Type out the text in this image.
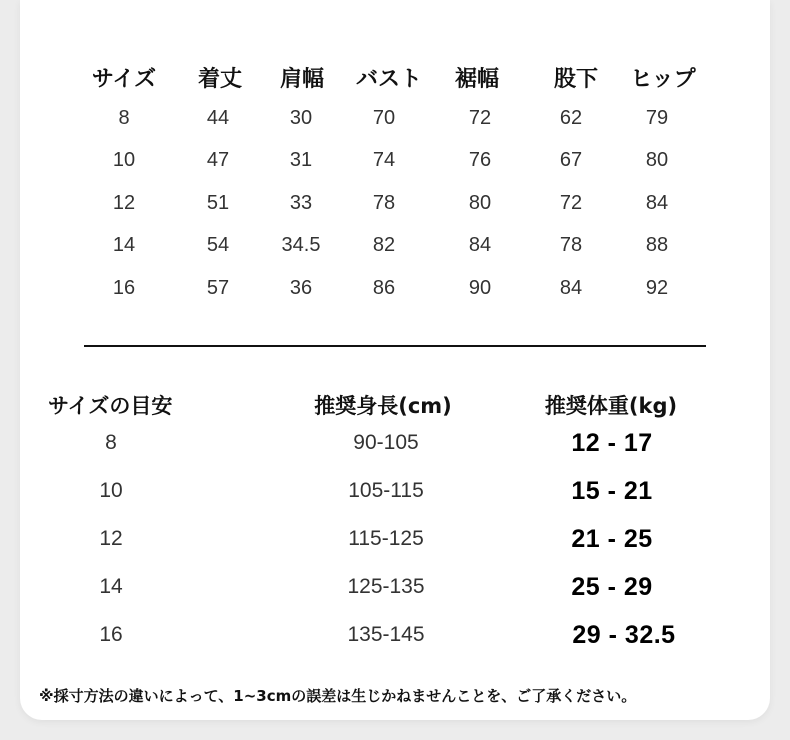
サイズ 着丈 肩幅 バスト 裾幅 股下 ヒップ
8	44	30	70	72	62	79
10	47	31	74	76	67	80
12	51	33	78	80	72	84
14	54	34.5	82	84	78	88
16	57	36	86	90	84	92
サイズの目安	推奨身長(cm)	推奨体重(kg)
8	90-105	12 - 17
10	105-115	15 - 21
12	115-125	21 - 25
14	125-135	25 - 29
16	135-145	29 - 32.5
※採寸方法の違いによって、1~3cmの誤差は生じかねませんことを、ご了承ください。
